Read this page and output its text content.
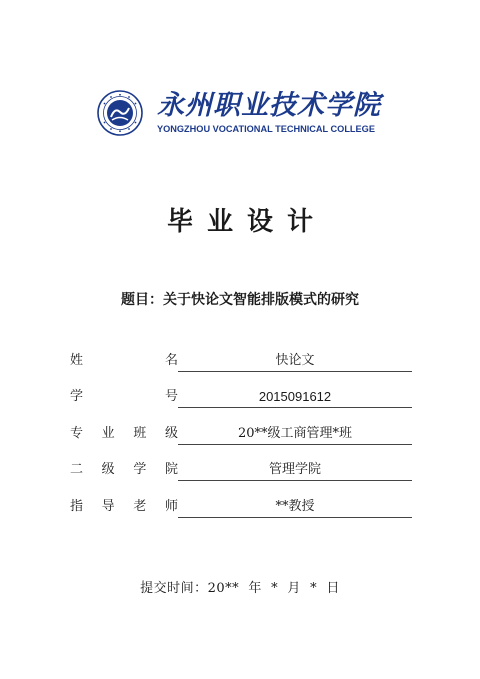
永州职业技术学院
YONGZHOU VOCATIONAL TECHNICAL COLLEGE
毕业设计
题目：关于快论文智能排版模式的研究
姓	名	快论文
学	号	2015091612
专 业 班 级	20**级工商管理*班
二 级 学 院	管理学院
指 导 老 师	**教授
提交时间：20**  年  *  月  *  日
